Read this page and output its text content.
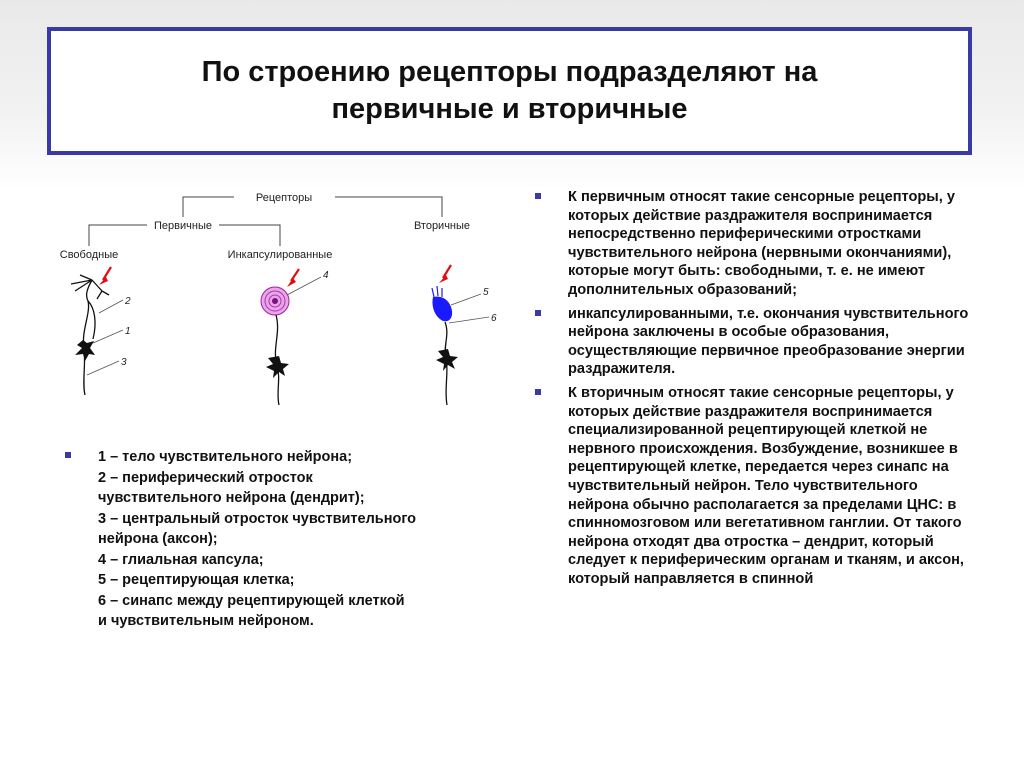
По строению рецепторы подразделяют на первичные и вторичные
Рецепторы
Первичные	Вторичные
Свободные	Инкапсулированные
2
1
3
4
5
6
1 – тело чувствительного нейрона;
2 – периферический отросток
чувствительного нейрона (дендрит);
3 – центральный отросток чувствительного
нейрона (аксон);
4 – глиальная капсула;
5 – рецептирующая клетка;
6 – синапс между рецептирующей клеткой
и чувствительным нейроном.
К первичным относят такие сенсорные рецепторы, у которых действие раздражителя воспринимается непосредственно периферическими отростками чувствительного нейрона (нервными окончаниями), которые могут быть: свободными, т. е. не имеют дополнительных образований;
инкапсулированными, т.е. окончания чувствительного нейрона заключены в особые образования, осуществляющие первичное преобразование энергии раздражителя.
К вторичным относят такие сенсорные рецепторы, у которых действие раздражителя воспринимается специализированной рецептирующей клеткой не нервного происхождения. Возбуждение, возникшее в рецептирующей клетке, передается через синапс на чувствительный нейрон. Тело чувствительного нейрона обычно располагается за пределами ЦНС: в спинномозговом или вегетативном ганглии. От такого нейрона отходят два отростка – дендрит, который следует к периферическим органам и тканям, и аксон, который направляется в спинной
